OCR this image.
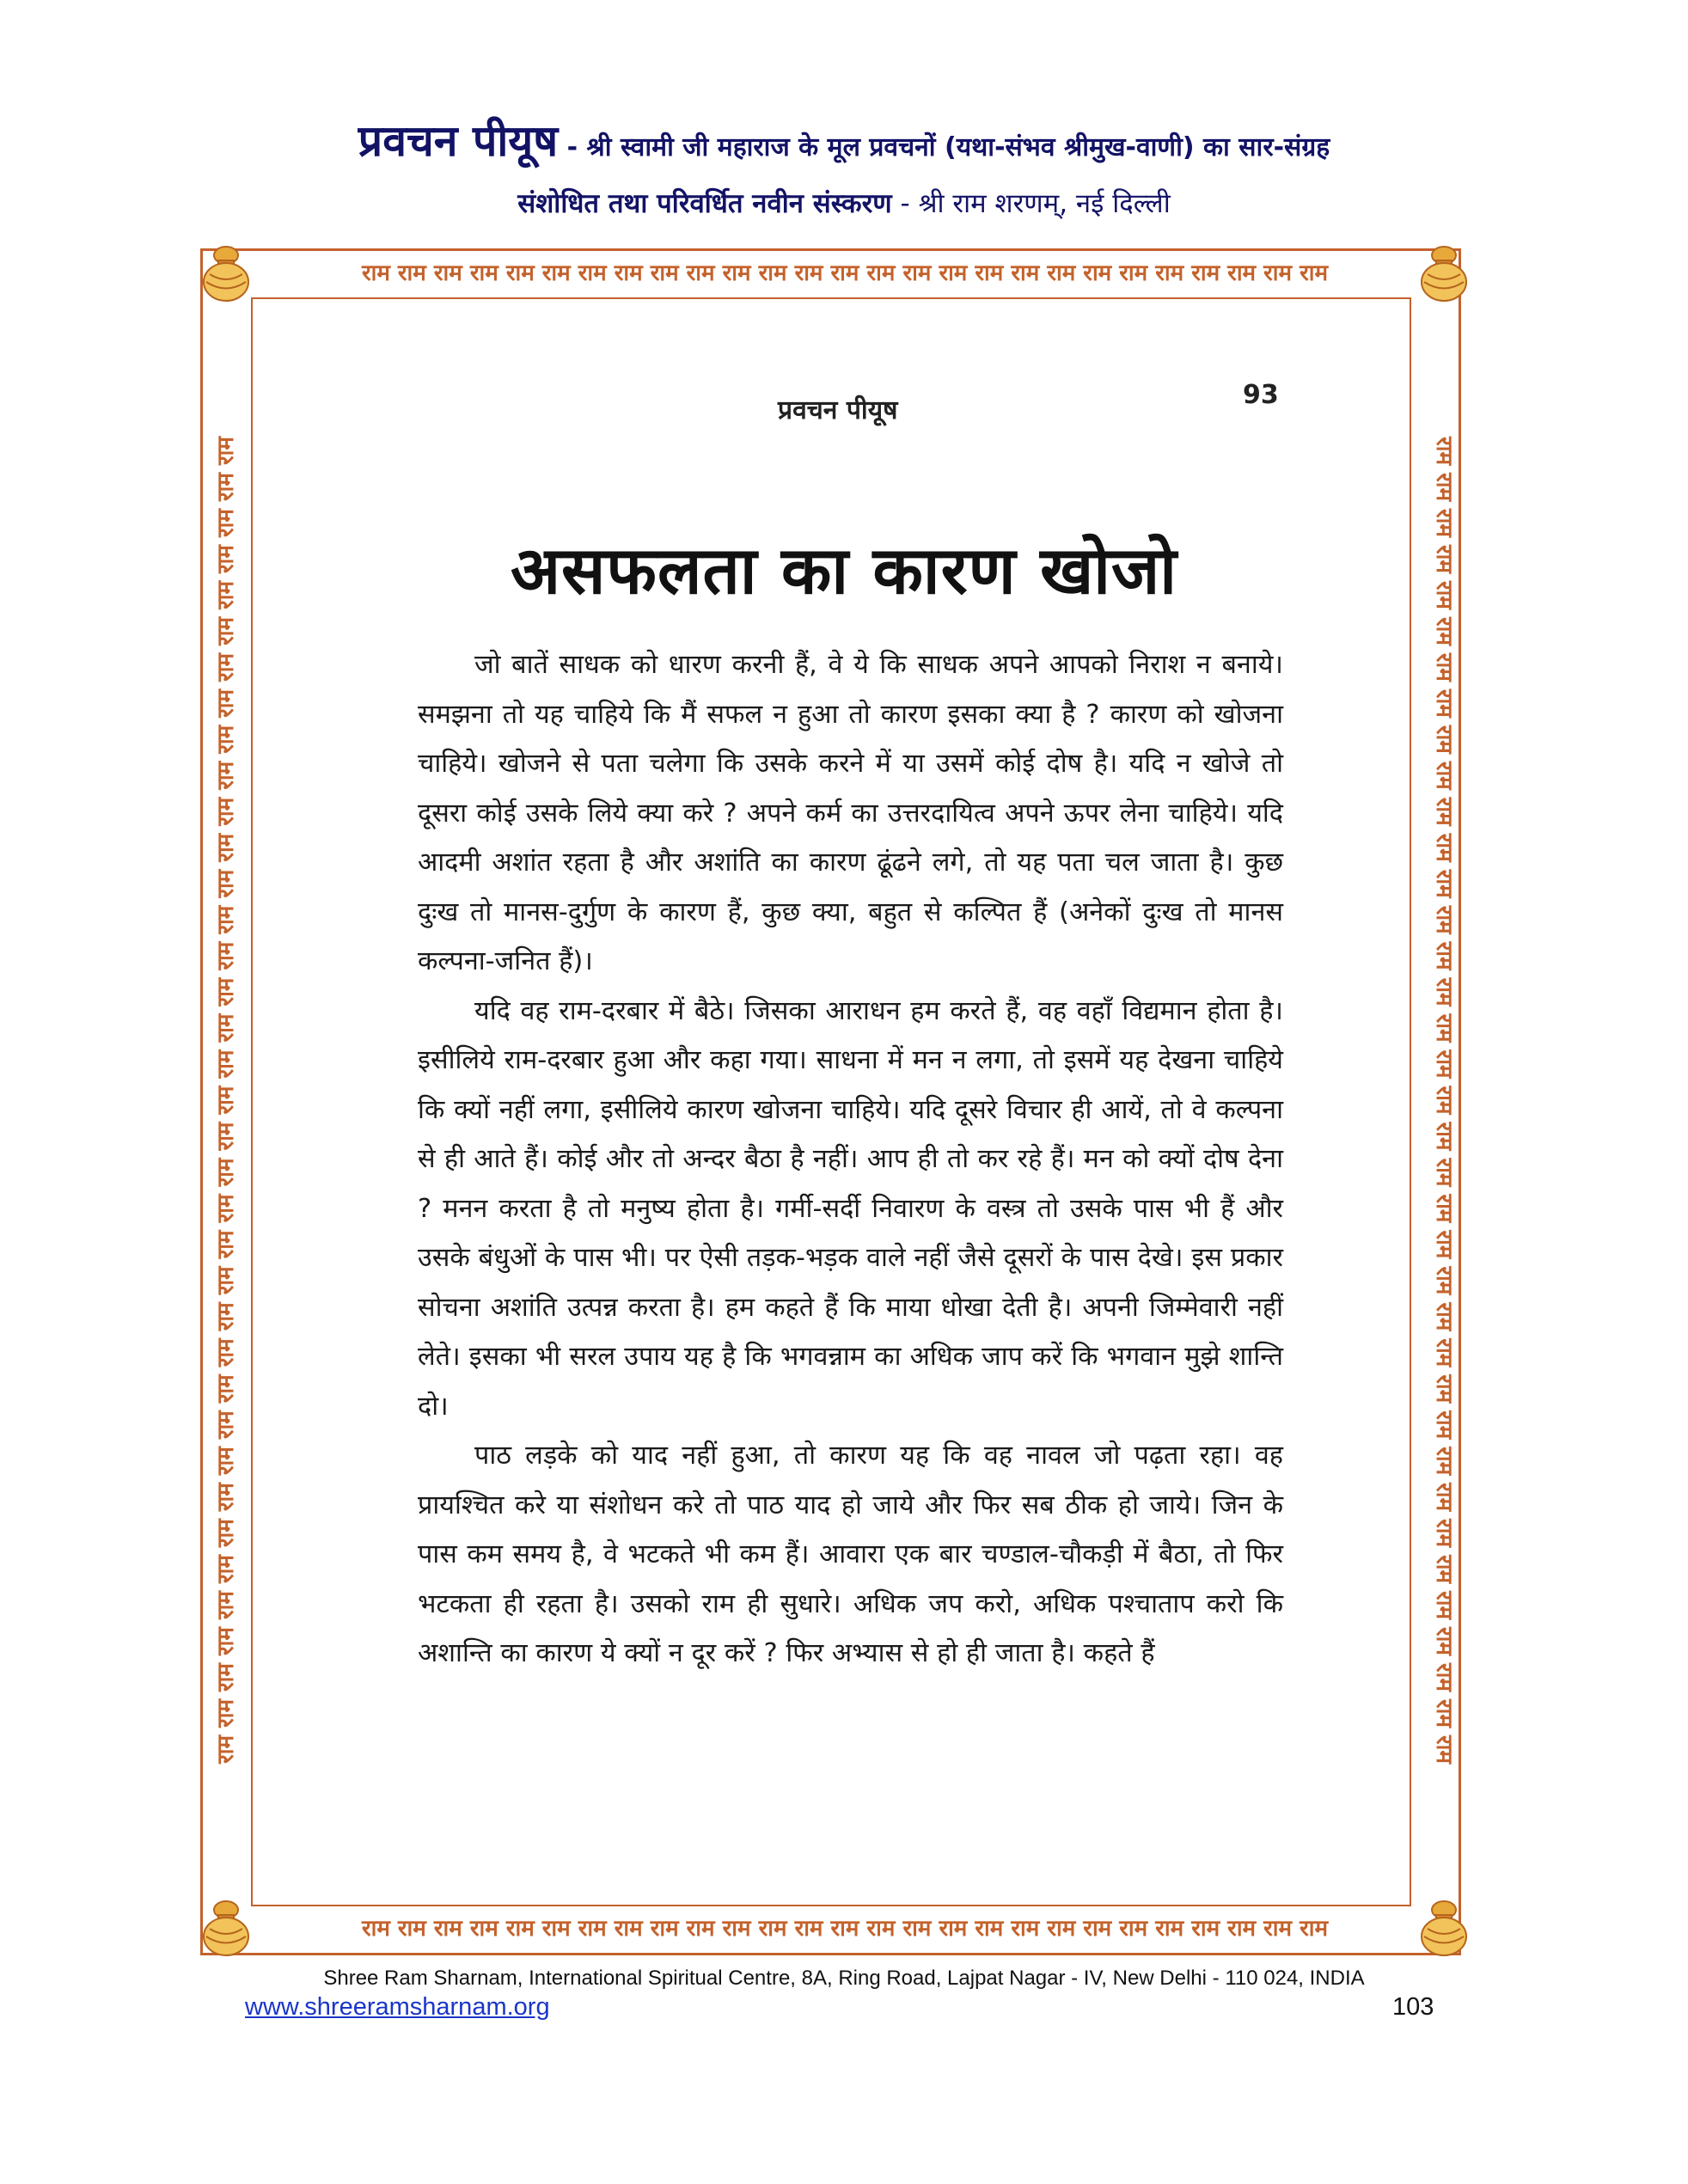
प्रवचन पीयूष - श्री स्वामी जी महाराज के मूल प्रवचनों (यथा-संभव श्रीमुख-वाणी) का सार-संग्रह
संशोधित तथा परिवर्धित नवीन संस्करण - श्री राम शरणम्, नई दिल्ली
राम राम राम राम राम राम राम राम राम राम राम राम राम राम राम राम राम राम राम राम राम राम राम राम राम राम राम
राम राम राम राम राम राम राम राम राम राम राम राम राम राम राम राम राम राम राम राम राम राम राम राम राम राम राम
राम राम राम राम राम राम राम राम राम राम राम राम राम राम राम राम राम राम राम राम राम राम राम राम राम राम राम राम राम राम राम राम राम राम राम राम राम	राम राम राम राम राम राम राम राम राम राम राम राम राम राम राम राम राम राम राम राम राम राम राम राम राम राम राम राम राम राम राम राम राम राम राम राम राम
प्रवचन पीयूष
93
असफलता का कारण खोजो

जो बातें साधक को धारण करनी हैं, वे ये कि साधक अपने आपको निराश न बनाये। समझना तो यह चाहिये कि मैं सफल न हुआ तो कारण इसका क्या है ? कारण को खोजना चाहिये। खोजने से पता चलेगा कि उसके करने में या उसमें कोई दोष है। यदि न खोजे तो दूसरा कोई उसके लिये क्या करे ? अपने कर्म का उत्तरदायित्व अपने ऊपर लेना चाहिये। यदि आदमी अशांत रहता है और अशांति का कारण ढूंढने लगे, तो यह पता चल जाता है। कुछ दुःख तो मानस-दुर्गुण के कारण हैं, कुछ क्या, बहुत से कल्पित हैं (अनेकों दुःख तो मानस कल्पना-जनित हैं)।

यदि वह राम-दरबार में बैठे। जिसका आराधन हम करते हैं, वह वहाँ विद्यमान होता है। इसीलिये राम-दरबार हुआ और कहा गया। साधना में मन न लगा, तो इसमें यह देखना चाहिये कि क्यों नहीं लगा, इसीलिये कारण खोजना चाहिये। यदि दूसरे विचार ही आयें, तो वे कल्पना से ही आते हैं। कोई और तो अन्दर बैठा है नहीं। आप ही तो कर रहे हैं। मन को क्यों दोष देना ? मनन करता है तो मनुष्य होता है। गर्मी-सर्दी निवारण के वस्त्र तो उसके पास भी हैं और उसके बंधुओं के पास भी। पर ऐसी तड़क-भड़क वाले नहीं जैसे दूसरों के पास देखे। इस प्रकार सोचना अशांति उत्पन्न करता है। हम कहते हैं कि माया धोखा देती है। अपनी जिम्मेवारी नहीं लेते। इसका भी सरल उपाय यह है कि भगवन्नाम का अधिक जाप करें कि भगवान मुझे शान्ति दो।

पाठ लड़के को याद नहीं हुआ, तो कारण यह कि वह नावल जो पढ़ता रहा। वह प्रायश्चित करे या संशोधन करे तो पाठ याद हो जाये और फिर सब ठीक हो जाये। जिन के पास कम समय है, वे भटकते भी कम हैं। आवारा एक बार चण्डाल-चौकड़ी में बैठा, तो फिर भटकता ही रहता है। उसको राम ही सुधारे। अधिक जप करो, अधिक पश्चाताप करो कि अशान्ति का कारण ये क्यों न दूर करें ? फिर अभ्यास से हो ही जाता है। कहते हैं

Shree Ram Sharnam, International Spiritual Centre, 8A, Ring Road, Lajpat Nagar - IV, New Delhi - 110 024, INDIA
www.shreeramsharnam.org	103
